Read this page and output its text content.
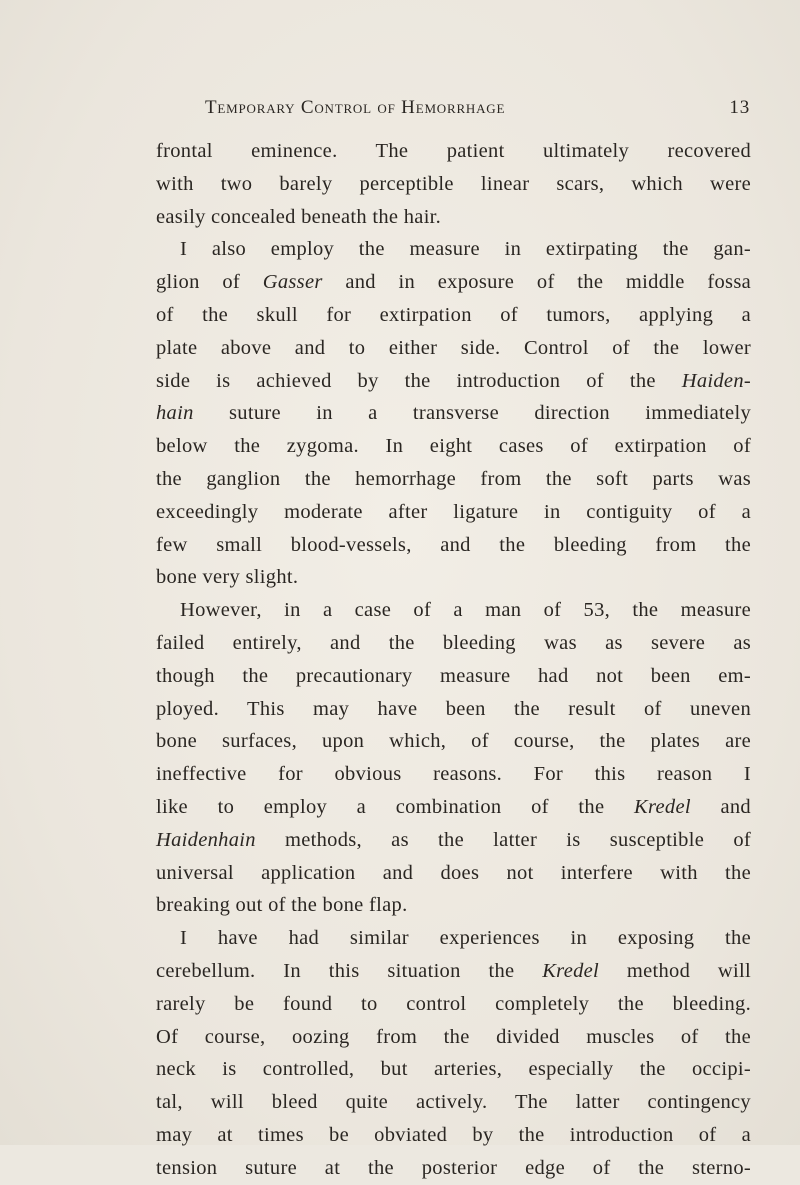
Temporary Control of Hemorrhage	13
frontal eminence. The patient ultimately recovered
with two barely perceptible linear scars, which were
easily concealed beneath the hair.
I also employ the measure in extirpating the gan-
glion of Gasser and in exposure of the middle fossa
of the skull for extirpation of tumors, applying a
plate above and to either side. Control of the lower
side is achieved by the introduction of the Haiden-
hain suture in a transverse direction immediately
below the zygoma. In eight cases of extirpation of
the ganglion the hemorrhage from the soft parts was
exceedingly moderate after ligature in contiguity of a
few small blood-vessels, and the bleeding from the
bone very slight.
However, in a case of a man of 53, the measure
failed entirely, and the bleeding was as severe as
though the precautionary measure had not been em-
ployed. This may have been the result of uneven
bone surfaces, upon which, of course, the plates are
ineffective for obvious reasons. For this reason I
like to employ a combination of the Kredel and
Haidenhain methods, as the latter is susceptible of
universal application and does not interfere with the
breaking out of the bone flap.
I have had similar experiences in exposing the
cerebellum. In this situation the Kredel method will
rarely be found to control completely the bleeding.
Of course, oozing from the divided muscles of the
neck is controlled, but arteries, especially the occipi-
tal, will bleed quite actively. The latter contingency
may at times be obviated by the introduction of a
tension suture at the posterior edge of the sterno-
